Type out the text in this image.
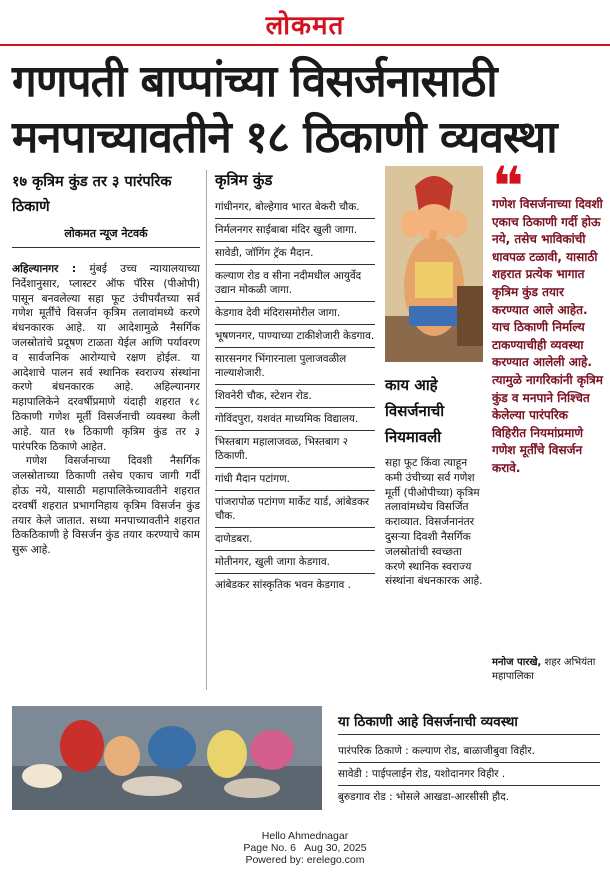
लोकमत
गणपती बाप्पांच्या विसर्जनासाठी मनपाच्यावतीने १८ ठिकाणी व्यवस्था
१७ कृत्रिम कुंड तर ३ पारंपरिक ठिकाणे
लोकमत न्यूज नेटवर्क

अहिल्यानगर : मुंबई उच्च न्यायालयाच्या निर्देशानुसार, प्लास्टर ऑफ पॅरिस (पीओपी) पासून बनवलेल्या सहा फूट उंचीपर्यंतच्या सर्व गणेश मूर्तींचे विसर्जन कृत्रिम तलावांमध्ये करणे बंधनकारक आहे. या आदेशामुळे नैसर्गिक जलस्रोतांचे प्रदूषण टाळता येईल आणि पर्यावरण व सार्वजनिक आरोग्याचे रक्षण होईल. या आदेशाचे पालन सर्व स्थानिक स्वराज्य संस्थांना करणे बंधनकारक आहे. अहिल्यानगर महापालिकेने दरवर्षीप्रमाणे यंदाही शहरात १८ ठिकाणी गणेश मूर्ती विसर्जनाची व्यवस्था केली आहे. यात १७ ठिकाणी कृत्रिम कुंड तर ३ पारंपरिक ठिकाणे आहेत.

गणेश विसर्जनाच्या दिवशी नैसर्गिक जलस्रोताच्या ठिकाणी तसेच एकाच जागी गर्दी होऊ नये, यासाठी महापालिकेच्यावतीने शहरात दरवर्षी शहरात प्रभागनिहाय कृत्रिम विसर्जन कुंड तयार केले जातात. सध्या मनपाच्यावतीने शहरात ठिकठिकाणी हे विसर्जन कुंड तयार करण्याचे काम सुरू आहे.

कृत्रिम कुंड
गांधीनगर, बोल्हेगाव भारत बेकरी चौक.
निर्मलनगर साईबाबा मंदिर खुली जागा.
सावेडी, जॉगिंग ट्रॅक मैदान.
कल्याण रोड व सीना नदीमधील आयुर्वेद उद्यान मोकळी जागा.
केडगाव देवी मंदिरासमोरील जागा.
भूषणनगर, पाण्याच्या टाकीशेजारी केडगाव.
सारसनगर भिंगारनाला पुलाजवळील नाल्याशेजारी.
शिवनेरी चौक, स्टेशन रोड.
गोविंदपुरा, यशवंत माध्यमिक विद्यालय.
भिस्तबाग महालाजवळ, भिस्तबाग २ ठिकाणी.
गांधी मैदान पटांगण.
पांजरापोळ पटांगण मार्केट यार्ड, आंबेडकर चौक.
दाणेडबरा.
मोतीनगर, खुली जागा केडगाव.
आंबेडकर सांस्कृतिक भवन केडगाव .
काय आहे विसर्जनाची नियमावली
सहा फूट किंवा त्याहून कमी उंचीच्या सर्व गणेश मूर्ती (पीओपीच्या) कृत्रिम तलावांमध्येच विसर्जित कराव्यात. विसर्जनानंतर दुसऱ्या दिवशी नैसर्गिक जलस्रोतांची स्वच्छता करणे स्थानिक स्वराज्य संस्थांना बंधनकारक आहे.
❝
गणेश विसर्जनाच्या दिवशी एकाच ठिकाणी गर्दी होऊ नये, तसेच भाविकांची धावपळ टळावी, यासाठी शहरात प्रत्येक भागात कृत्रिम कुंड तयार करण्यात आले आहेत. याच ठिकाणी निर्माल्य टाकण्याचीही व्यवस्था करण्यात आलेली आहे. त्यामुळे नागरिकांनी कृत्रिम कुंड व मनपाने निश्चित केलेल्या पारंपरिक विहिरीत नियमांप्रमाणे गणेश मूर्तींचे विसर्जन करावे.
मनोज पारखे, शहर अभियंता महापालिका
या ठिकाणी आहे विसर्जनाची व्यवस्था
पारंपरिक ठिकाणे : कल्याण रोड, बाळाजीबुवा विहीर.
सावेडी : पाईपलाईन रोड, यशोदानगर विहीर .
बुरुडगाव रोड : भोसले आखडा-आरसीसी हौद.
Hello Ahmednagar
Page No. 6   Aug 30, 2025
Powered by: erelego.com
